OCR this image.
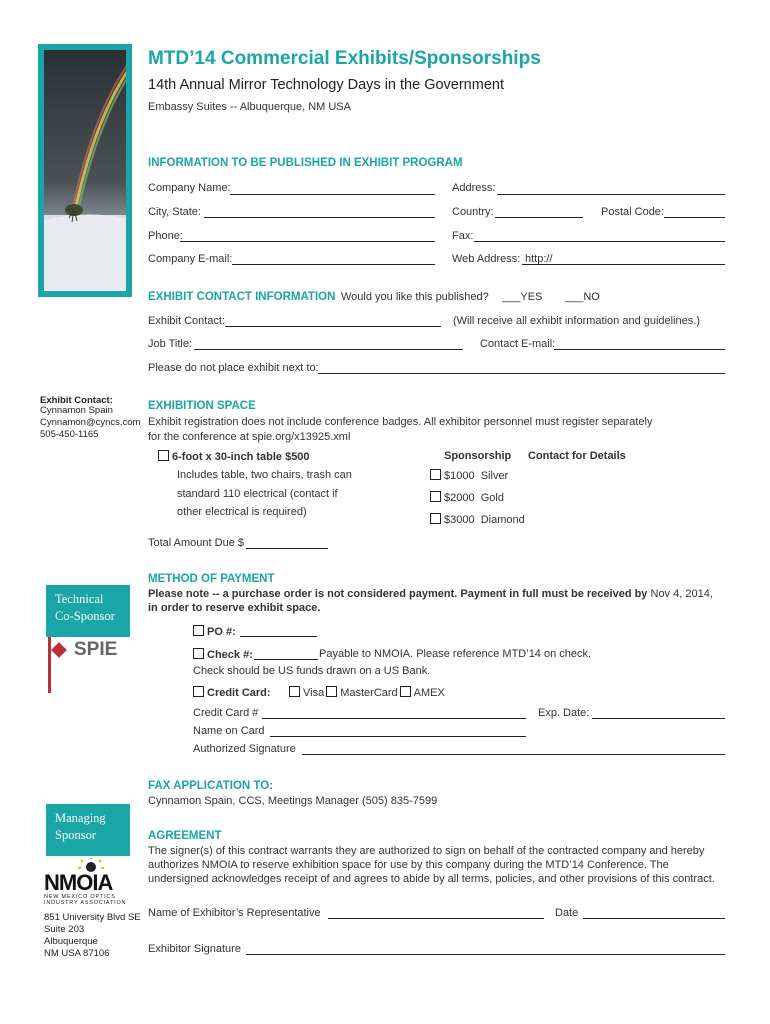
MTD’14 Commercial Exhibits/Sponsorships
14th Annual Mirror Technology Days in the Government
Embassy Suites -- Albuquerque, NM USA
INFORMATION TO BE PUBLISHED IN EXHIBIT PROGRAM
Company Name:	Address:
City, State:	Country:	Postal Code:
Phone:	Fax:
Company E-mail:	Web Address: http://
EXHIBIT CONTACT INFORMATION Would you like this published? ___YES ___NO
Exhibit Contact:	(Will receive all exhibit information and guidelines.)
Job Title:	Contact E-mail:
Please do not place exhibit next to:
Exhibit Contact:
Cynnamon Spain
Cynnamon@cyncs.com
505-450-1165
EXHIBITION SPACE
Exhibit registration does not include conference badges. All exhibitor personnel must register separately
for the conference at spie.org/x13925.xml
6-foot x 30-inch table $500
Includes table, two chairs, trash can
standard 110 electrical (contact if
other electrical is required)
Sponsorship Contact for Details
$1000 Silver
$2000 Gold
$3000 Diamond
Total Amount Due $
Technical
Co-Sponsor
SPIE
METHOD OF PAYMENT
Please note -- a purchase order is not considered payment. Payment in full must be received by Nov 4, 2014,
in order to reserve exhibit space.
PO #:
Check #:	Payable to NMOIA. Please reference MTD’14 on check.
Check should be US funds drawn on a US Bank.
Credit Card:	Visa MasterCard AMEX
Credit Card #	Exp. Date:
Name on Card
Authorized Signature
FAX APPLICATION TO:
Cynnamon Spain, CCS, Meetings Manager (505) 835-7599
Managing
Sponsor
NMOIA
NEW MEXICO OPTICS
INDUSTRY ASSOCIATION
851 University Blvd SE
Suite 203
Albuquerque
NM USA 87106
AGREEMENT
The signer(s) of this contract warrants they are authorized to sign on behalf of the contracted company and hereby
authorizes NMOIA to reserve exhibition space for use by this company during the MTD’14 Conference. The
undersigned acknowledges receipt of and agrees to abide by all terms, policies, and other provisions of this contract.
Name of Exhibitor’s Representative	Date
Exhibitor Signature
